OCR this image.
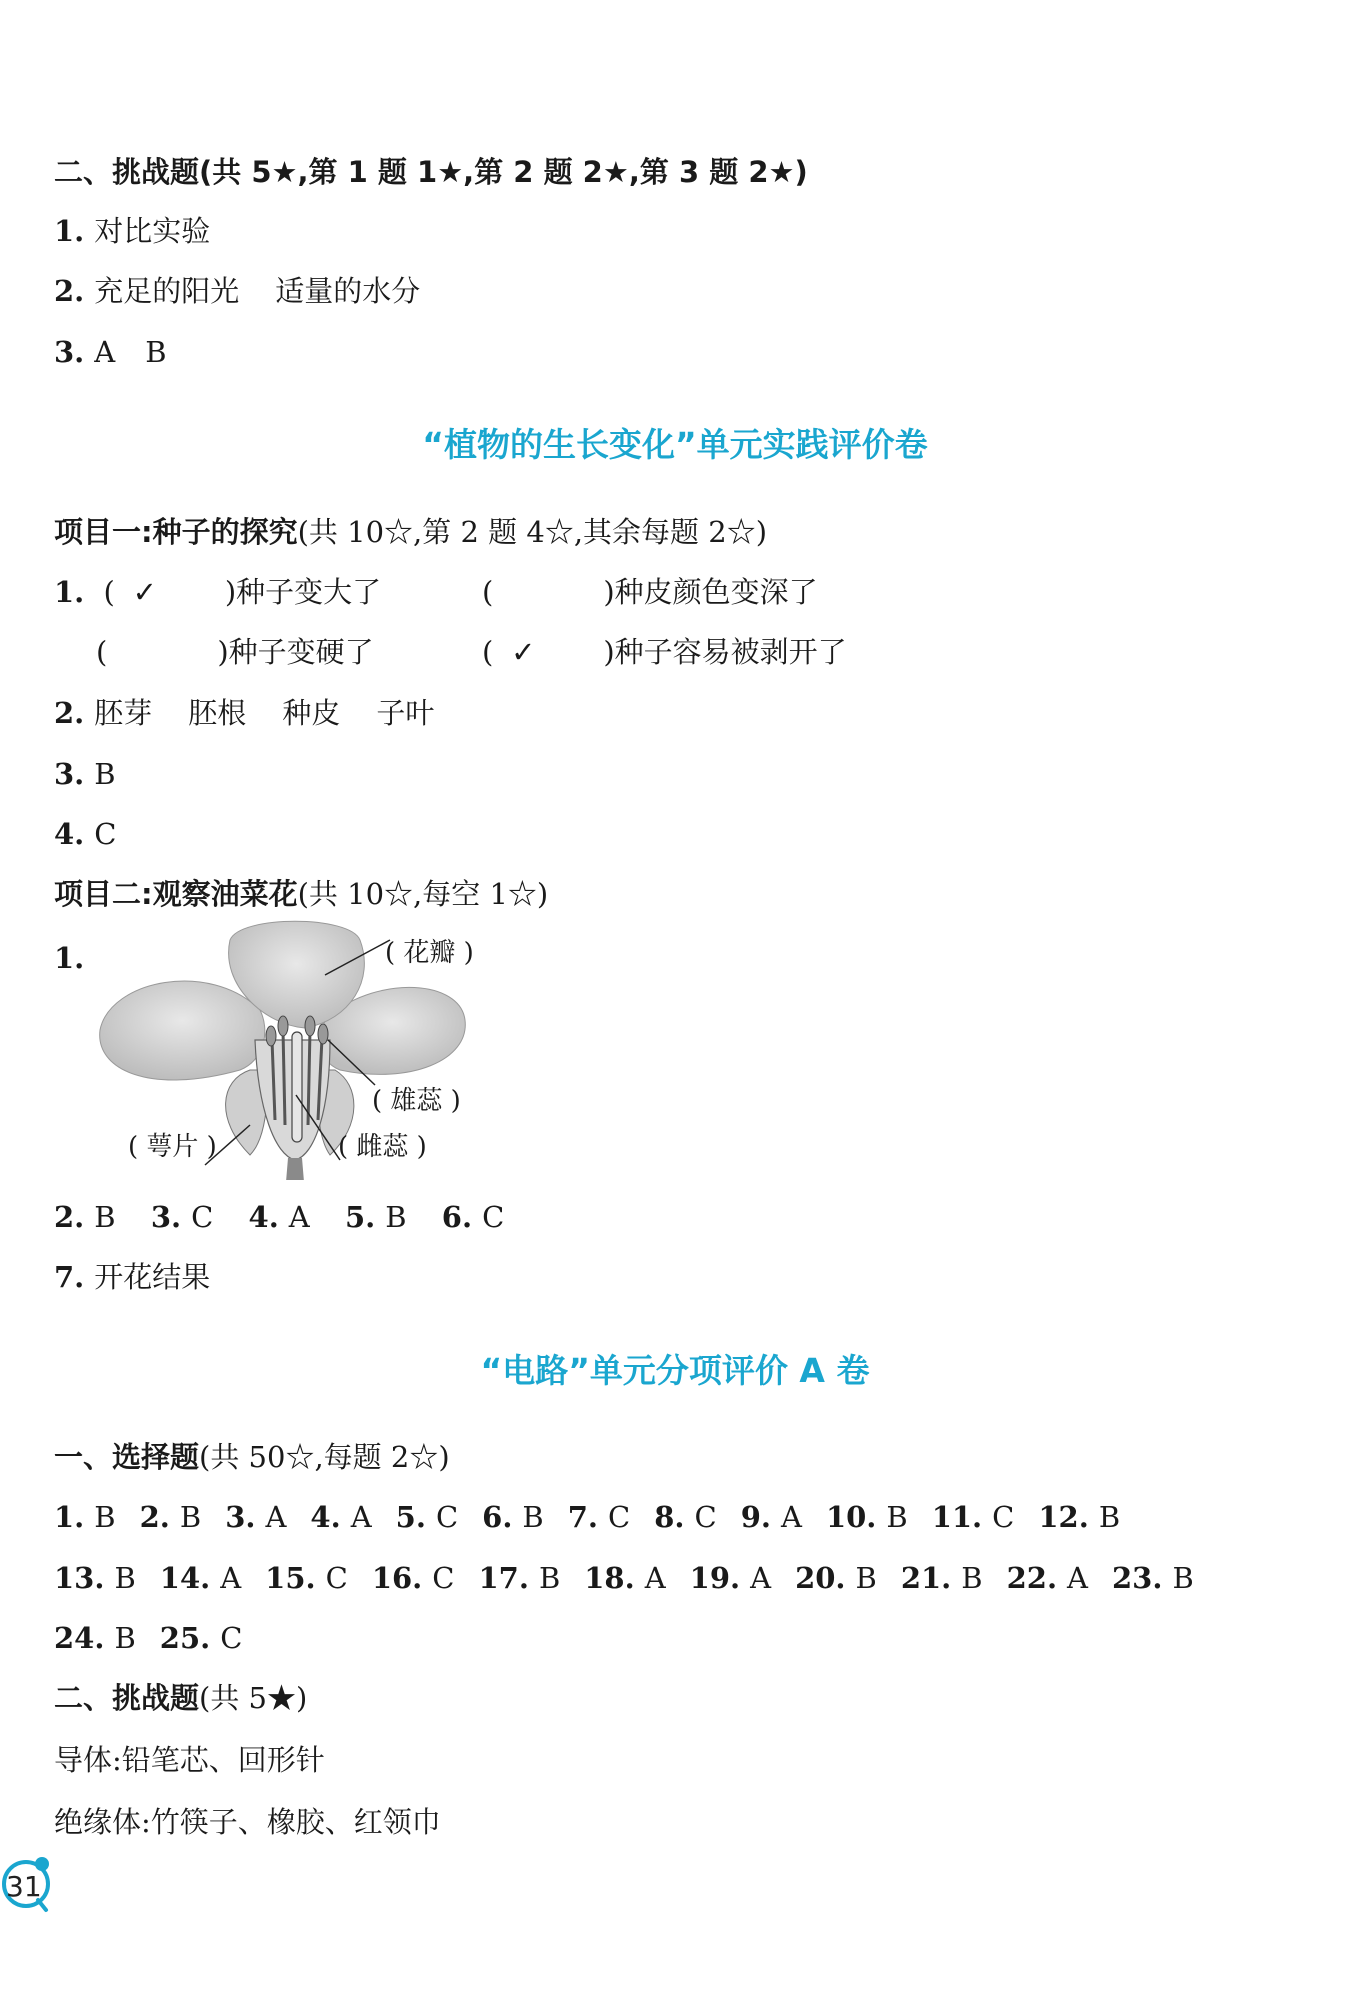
二、挑战题(共 5★,第 1 题 1★,第 2 题 2★,第 3 题 2★)
1. 对比实验
2. 充足的阳光 适量的水分
3. A B
“植物的生长变化”单元实践评价卷
项目一:种子的探究(共 10☆,第 2 题 4☆,其余每题 2☆)
1. ( ✓ )种子变大了	(	)种皮颜色变深了
(	)种子变硬了	( ✓ )种子容易被剥开了
2. 胚芽 胚根 种皮 子叶
3. B
4. C
项目二:观察油菜花(共 10☆,每空 1☆)
1.	( 花瓣 )
( 雄蕊 )
( 萼片 )	( 雌蕊 )
2. B 3. C 4. A 5. B 6. C
7. 开花结果
“电路”单元分项评价 A 卷
一、选择题(共 50☆,每题 2☆)
1. B 2. B 3. A 4. A 5. C 6. B 7. C 8. C 9. A 10. B 11. C 12. B
13. B 14. A 15. C 16. C 17. B 18. A 19. A 20. B 21. B 22. A 23. B
24. B 25. C
二、挑战题(共 5★)
导体:铅笔芯、回形针
绝缘体:竹筷子、橡胶、红领巾
31
